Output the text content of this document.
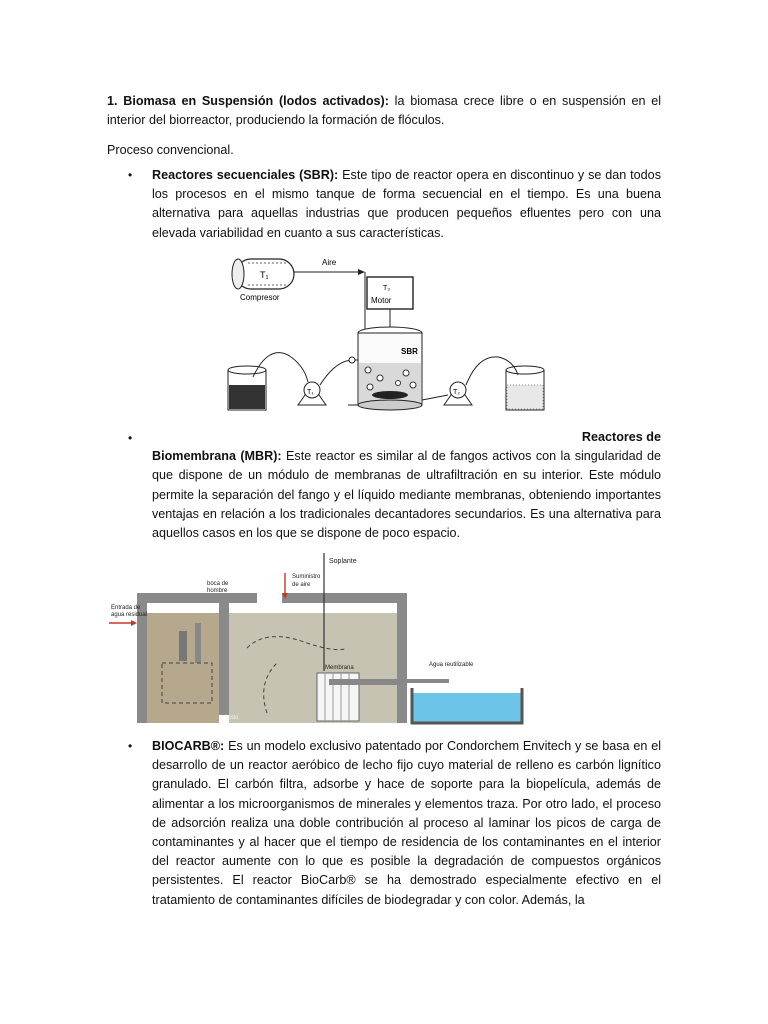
1. Biomasa en Suspensión (lodos activados): la biomasa crece libre o en suspensión en el interior del biorreactor, produciendo la formación de flóculos.
Proceso convencional.
• Reactores secuenciales (SBR): Este tipo de reactor opera en discontinuo y se dan todos los procesos en el mismo tanque de forma secuencial en el tiempo. Es una buena alternativa para aquellas industrias que producen pequeños efluentes pero con una elevada variabilidad en cuanto a sus características.
T₁
Compresor
Aire
T₃
Motor
SBR
T₁	T₂
•	Reactores de
Biomembrana (MBR): Este reactor es similar al de fangos activos con la singularidad de que dispone de un módulo de membranas de ultrafiltración en su interior. Este módulo permite la separación del fango y el líquido mediante membranas, obteniendo importantes ventajas en relación a los tradicionales decantadores secundarios. Es una alternativa para aquellos casos en los que se dispone de poco espacio.
Soplante
Suministro
de aire
boca de
hombre
Entrada de
agua residual
Membrana	Agua reutilizable
Lodo
• BIOCARB®: Es un modelo exclusivo patentado por Condorchem Envitech y se basa en el desarrollo de un reactor aeróbico de lecho fijo cuyo material de relleno es carbón lignítico granulado. El carbón filtra, adsorbe y hace de soporte para la biopelícula, además de alimentar a los microorganismos de minerales y elementos traza. Por otro lado, el proceso de adsorción realiza una doble contribución al proceso al laminar los picos de carga de contaminantes y al hacer que el tiempo de residencia de los contaminantes en el interior del reactor aumente con lo que es posible la degradación de compuestos orgánicos persistentes. El reactor BioCarb® se ha demostrado especialmente efectivo en el tratamiento de contaminantes difíciles de biodegradar y con color. Además, la
